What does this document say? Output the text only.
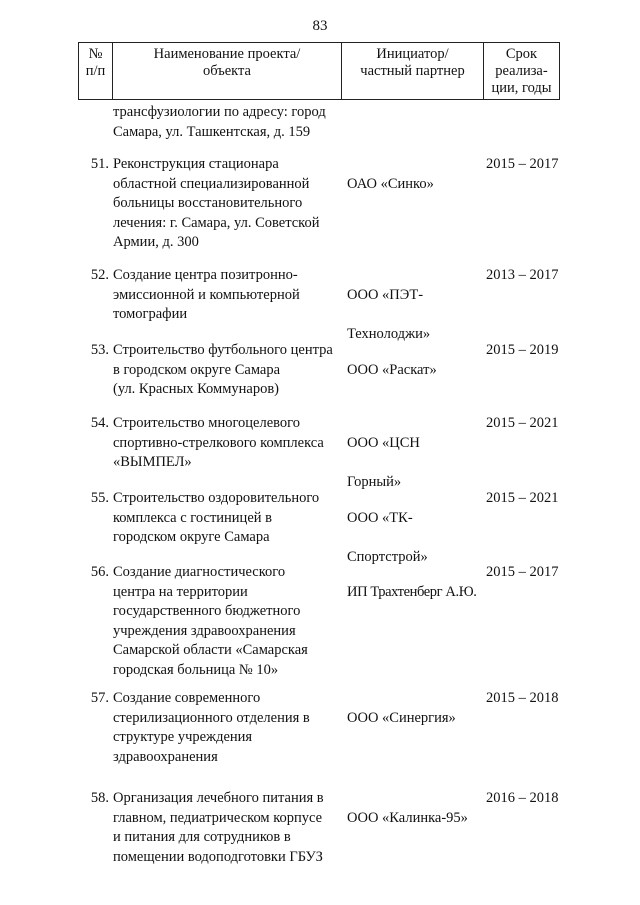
83
№
п/п
Наименование проекта/
объекта
Инициатор/
частный партнер
Срок
реализа-
ции, годы
трансфузиологии по адресу: город
Самара, ул. Ташкентская, д. 159
51. Реконструкция стационара
областной специализированной
больницы восстановительного
лечения: г. Самара, ул. Советской
Армии, д. 300

ОАО «Синко»

2015 – 2017
52. Создание центра позитронно-
эмиссионной и компьютерной
томографии

ООО «ПЭТ-

Технолоджи»

2013 – 2017
53. Строительство футбольного центра
в городском округе Самара
(ул. Красных Коммунаров)

ООО «Раскат»

2015 – 2019
54. Строительство многоцелевого
спортивно-стрелкового комплекса
«ВЫМПЕЛ»

ООО «ЦСН

Горный»

2015 – 2021
55. Строительство оздоровительного
комплекса с гостиницей в
городском округе Самара

ООО «ТК-

Спортстрой»

2015 – 2021
56. Создание диагностического
центра на территории
государственного бюджетного
учреждения здравоохранения
Самарской области «Самарская
городская больница № 10»

ИП Трахтенберг А.Ю.

2015 – 2017
57. Создание современного
стерилизационного отделения в
структуре учреждения
здравоохранения

ООО «Синергия»

2015 – 2018
58. Организация лечебного питания в
главном, педиатрическом корпусе
и питания для сотрудников в
помещении водоподготовки ГБУЗ

ООО «Калинка-95»

2016 – 2018
